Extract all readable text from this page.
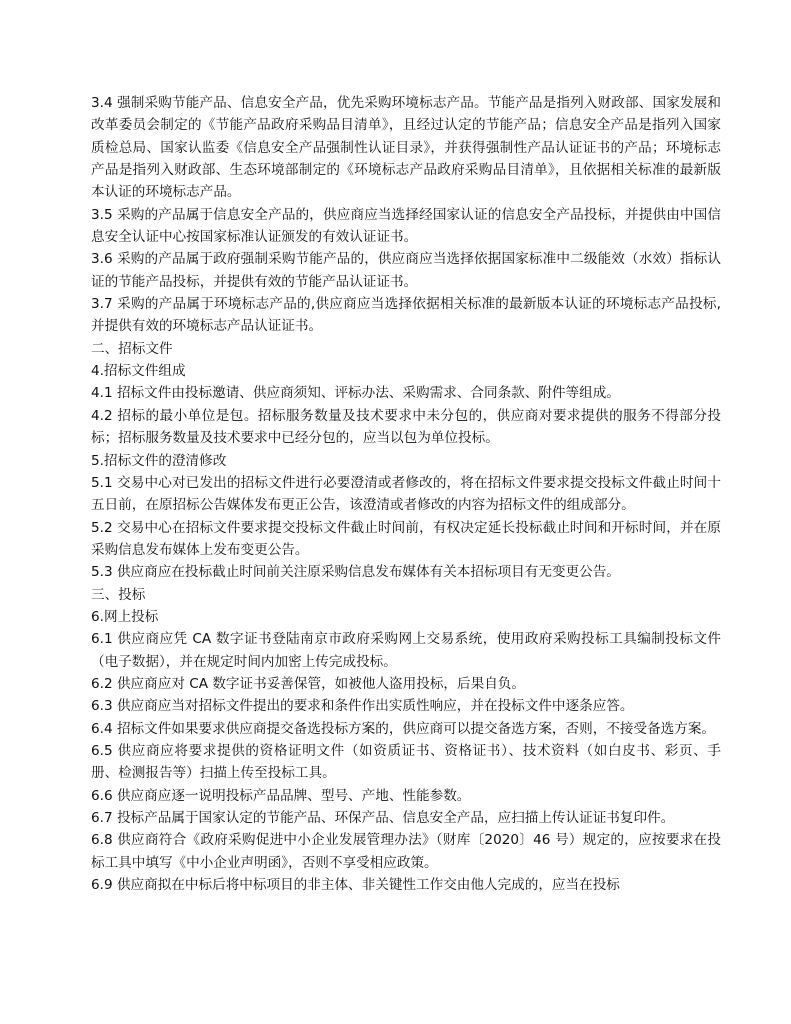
3.4 强制采购节能产品、信息安全产品，优先采购环境标志产品。节能产品是指列入财政部、国家发展和改革委员会制定的《节能产品政府采购品目清单》，且经过认定的节能产品；信息安全产品是指列入国家质检总局、国家认监委《信息安全产品强制性认证目录》，并获得强制性产品认证证书的产品；环境标志产品是指列入财政部、生态环境部制定的《环境标志产品政府采购品目清单》，且依据相关标准的最新版本认证的环境标志产品。

3.5 采购的产品属于信息安全产品的，供应商应当选择经国家认证的信息安全产品投标，并提供由中国信息安全认证中心按国家标准认证颁发的有效认证证书。

3.6 采购的产品属于政府强制采购节能产品的，供应商应当选择依据国家标准中二级能效（水效）指标认证的节能产品投标，并提供有效的节能产品认证证书。

3.7 采购的产品属于环境标志产品的,供应商应当选择依据相关标准的最新版本认证的环境标志产品投标,并提供有效的环境标志产品认证证书。

二、招标文件

4.招标文件组成

4.1 招标文件由投标邀请、供应商须知、评标办法、采购需求、合同条款、附件等组成。

4.2 招标的最小单位是包。招标服务数量及技术要求中未分包的，供应商对要求提供的服务不得部分投标；招标服务数量及技术要求中已经分包的，应当以包为单位投标。

5.招标文件的澄清修改

5.1 交易中心对已发出的招标文件进行必要澄清或者修改的，将在招标文件要求提交投标文件截止时间十五日前，在原招标公告媒体发布更正公告，该澄清或者修改的内容为招标文件的组成部分。

5.2 交易中心在招标文件要求提交投标文件截止时间前，有权决定延长投标截止时间和开标时间，并在原采购信息发布媒体上发布变更公告。

5.3 供应商应在投标截止时间前关注原采购信息发布媒体有关本招标项目有无变更公告。

三、投标

6.网上投标

6.1 供应商应凭 CA 数字证书登陆南京市政府采购网上交易系统，使用政府采购投标工具编制投标文件（电子数据），并在规定时间内加密上传完成投标。

6.2 供应商应对 CA 数字证书妥善保管，如被他人盗用投标，后果自负。

6.3 供应商应当对招标文件提出的要求和条件作出实质性响应，并在投标文件中逐条应答。

6.4 招标文件如果要求供应商提交备选投标方案的，供应商可以提交备选方案，否则，不接受备选方案。

6.5 供应商应将要求提供的资格证明文件（如资质证书、资格证书）、技术资料（如白皮书、彩页、手册、检测报告等）扫描上传至投标工具。

6.6 供应商应逐一说明投标产品品牌、型号、产地、性能参数。

6.7 投标产品属于国家认定的节能产品、环保产品、信息安全产品，应扫描上传认证证书复印件。

6.8 供应商符合《政府采购促进中小企业发展管理办法》（财库〔2020〕46 号）规定的，应按要求在投标工具中填写《中小企业声明函》，否则不享受相应政策。

6.9 供应商拟在中标后将中标项目的非主体、非关键性工作交由他人完成的，应当在投标
